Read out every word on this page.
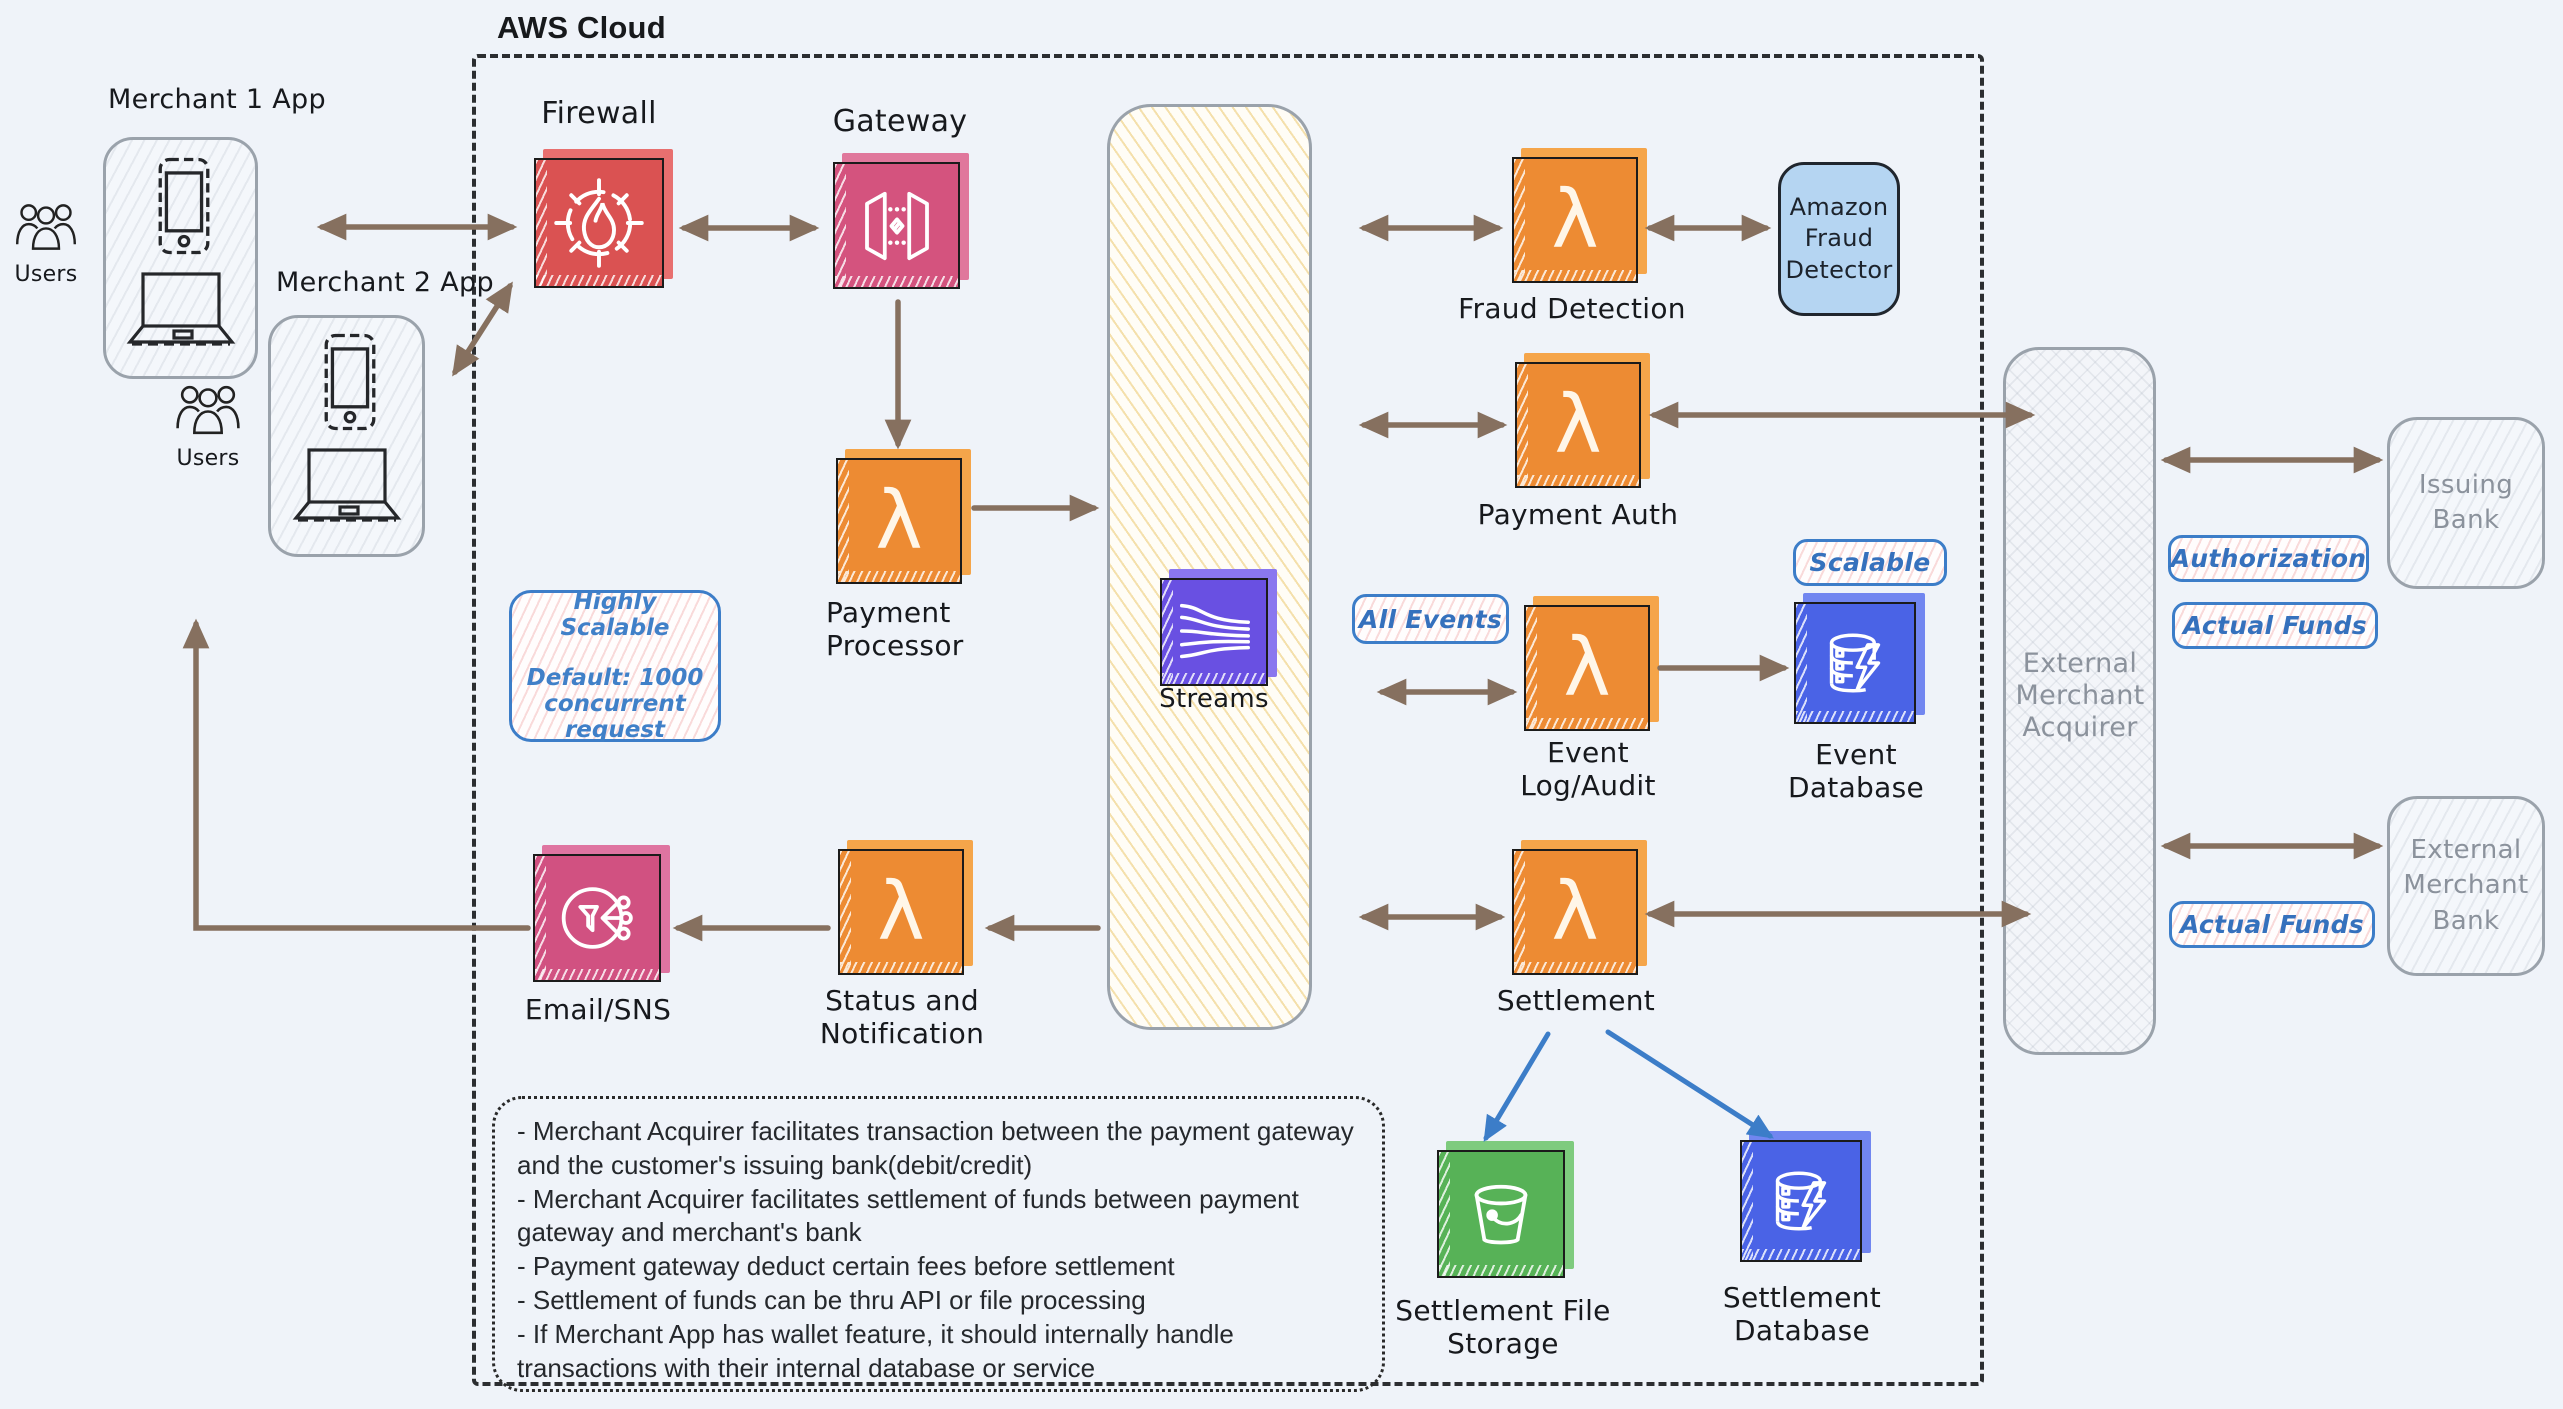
AWS Cloud
External Merchant Acquirer
Issuing Bank
External Merchant Bank
Merchant 1 App
Users	Merchant 2 App
Users
Firewall	Gateway
λ
Payment Processor
Highly Scalable
Default: 1000 concurrent request
Streams
λ
Fraud Detection
Amazon Fraud Detector
λ
Payment Auth
All Events
λ
Event Log/Audit
Scalable
Event Database
λ
Settlement
Settlement File Storage
Settlement Database
λ
Status and Notification
Email/SNS
Authorization
Actual Funds
Actual Funds
- Merchant Acquirer facilitates transaction between the payment gateway and the customer's issuing bank(debit/credit)
- Merchant Acquirer facilitates settlement of funds between payment gateway and merchant's bank
- Payment gateway deduct certain fees before settlement
- Settlement of funds can be thru API or file processing
- If Merchant App has wallet feature, it should internally handle transactions with their internal database or service
